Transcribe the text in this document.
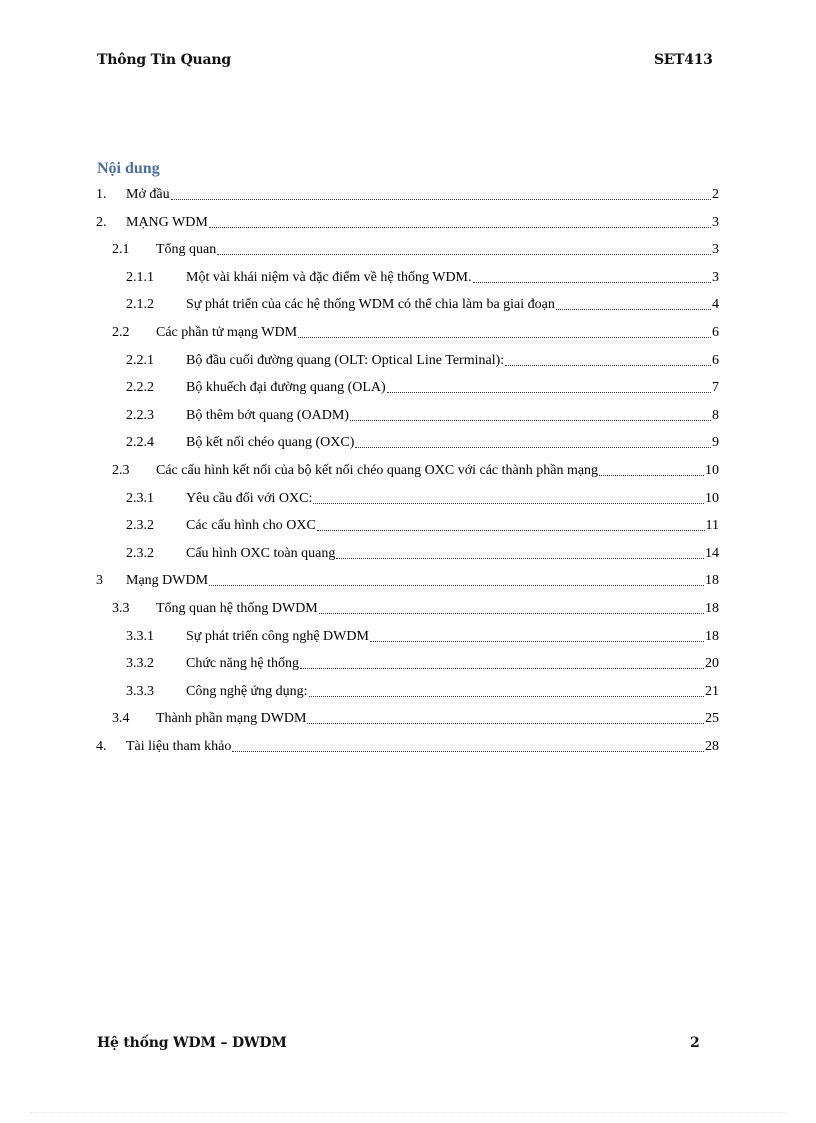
Thông Tin Quang	SET413
Nội dung
1.	Mở đầu	2
2.	MẠNG WDM	3
2.1	Tổng quan	3
2.1.1	Một vài khái niệm và đặc điểm về hệ thống WDM.	3
2.1.2	Sự phát triển của các hệ thống WDM có thể chia làm ba giai đoạn	4
2.2	Các phần tử mạng WDM	6
2.2.1	Bộ đầu cuối đường quang (OLT: Optical Line Terminal):	6
2.2.2	Bộ khuếch đại đường quang (OLA)	7
2.2.3	Bộ thêm bớt quang (OADM)	8
2.2.4	Bộ kết nối chéo quang (OXC)	9
2.3	Các cấu hình kết nối của bộ kết nối chéo quang OXC với các thành phần mạng	10
2.3.1	Yêu cầu đối với OXC:	10
2.3.2	Các cấu hình cho OXC	11
2.3.2	Cấu hình OXC toàn quang	14
3	Mạng DWDM	18
3.3	Tổng quan hệ thống DWDM	18
3.3.1	Sự phát triển công nghệ DWDM	18
3.3.2	Chức năng hệ thống	20
3.3.3	Công nghệ ứng dụng:	21
3.4	Thành phần mạng DWDM	25
4.	Tài liệu tham khảo	28
Hệ thống WDM – DWDM	2
